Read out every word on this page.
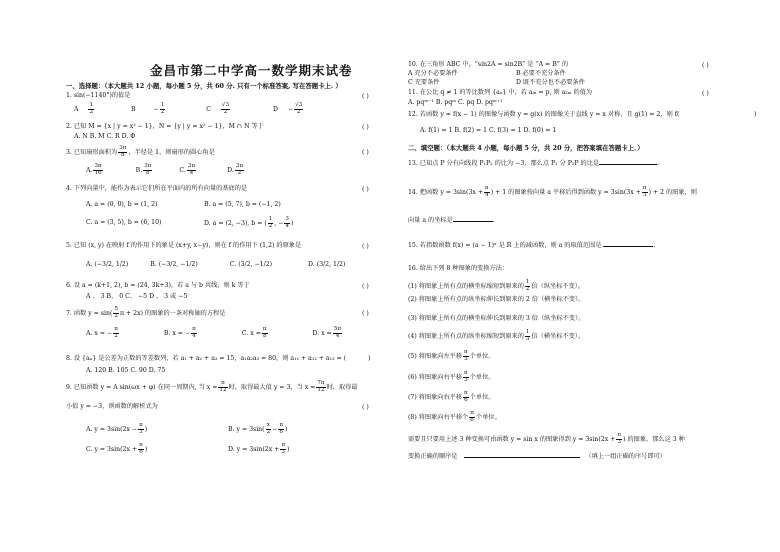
金昌市第二中学高一数学期末试卷
一、选择题：（本大题共 12 小题，每小题 5 分，共 60 分. 只有一个标准答案, 写在答题卡上. ）
1. sin(−1140°)的值是	( )
A $\frac{1}{2}$	B	− $\frac{1}{2}$	C $\frac{√3}{2}$	$D - \frac{√3}{2}$
2. 已知 M = {x | y = x² − 1}，N = {y | y = x² − 1}，M ∩ N 等于	( )
A. N B. M C. R D. Φ
3. 已知扇形面积为 $\frac{3\pi}{8}$ ，半径是 1，则扇形的圆心角是	( )
A. $\frac{3\pi}{16}$	B. $\frac{3\pi}{8}$	C. $\frac{3\pi}{4}$	D. $\frac{3\pi}{2}$
4. 下列向量中，能作为表示它们所在平面内的所有向量的基底的是	( )
A. a = (0, 0), b = (1, 2)	B. a = (5, 7), b = (−1, 2)
C. a = (3, 5), b = (6, 10)	D. a = (2, −3), b = ( $\frac{1}{2}$ , − $\frac{3}{4}$ )
5. 已知 (x, y) 在映射 f 的作用下的象是 (x+y, x−y)，则在 f 的作用下 (1,2) 的原象是	( )
A. (−3/2, 1/2)	B. (−3/2, −1/2)	C. (3/2, −1/2)	D. (3/2, 1/2)
6. 设 a = (k+1, 2), b = (24, 3k+3)，若 a 与 b 共线，则 k 等于	( )
A 、 3 B、 0 C、 −5 D 、 3 或 −5
7. 函数 $y = \sin( \frac{5}{2}$ π + 2x) 的图象的一条对称轴的方程是	( )
A. x = − $\frac{\pi}{2}$	B. x = − $\frac{\pi}{4}$	C. $x = \frac{\pi}{8}$	D. $x = \frac{5\pi}{4}$
8. 设 {aₙ} 是公差为正数的等差数列，若 a₁ + a₂ + a₃ = 15，a₁a₂a₃ = 80，则 a₁₁ + a₁₂ + a₁₃ = (	)
A. 120 B. 105 C. 90 D. 75
9. 已知函数 y = A sin(ωx + φ) 在同一周期内, 当 $x = \frac{\pi}{12}$ 时，取得最大值 y = 3，当 $x = \frac{7\pi}{12}$ 时，取得最
小值 y = −3，则函数的解析式为	( )
A. $y = 3\sin(2x - \frac{\pi}{3}$ )	B. $y = 3\sin( \frac{x}{2} - \frac{\pi}{6}$ )
C. $y = 3\sin(2x + \frac{\pi}{6}$ )	D. $y = 3\sin(2x + \frac{\pi}{3}$ )
10. 在三角形 ABC 中，“sin2A = sin2B” 是 “A = B” 的	( )
A 充分不必要条件	B 必要不充分条件
C 充要条件	D 既不充分也不必要条件
11. 在公比 q ≠ 1 的等比数列 {aₙ} 中，若 aₘ = p, 则 a₂ₘ 的值为	( )
A. pqᵐ⁻¹ B. pqᵐ C. pq D. pqᵐ⁺¹
12. 若函数 y = f(x − 1) 的图像与函数 y = g(x) 的图像关于直线 y = x 对称，且 g(1) = 2，则 f(	)
A. f(1) = 1 B. f(2) = 1 C. f(3) = 1 D. f(0) = 1
二、填空题：（本大题共 4 小题，每小题 5 分，共 20 分，把答案填在答题卡上．）
13. 已知点 P 分有向线段 P₁P₂ 的比为 −3，那么点 P₁ 分 P₂P 的比是	.
14. 把函数 $y = 3\sin(3x + \frac{\pi}{4}$ ) + 1 的图象按向量 a 平移后得到函数 $y = 3\sin(3x + \frac{\pi}{3}$ ) + 2 的图象，则
向量 a 的坐标是	.
15. 若指数函数 f(x) = (a − 1)ˣ 是 R 上的减函数，则 a 的取值范围是	.
16. 给出下列 8 种图象的变换方法：
(1) 将图象上所有点的横坐标缩短到原来的 $\frac{1}{2}$ 倍（纵坐标不变）。
(2) 将图象上所有点的纵坐标伸长到原来的 2 倍（横坐标不变）。
(3) 将图象上所有点的横坐标伸长到原来的 3 倍（纵坐标不变）。
(4) 将图象上所有点的纵坐标缩短到原来的 $\frac{1}{3}$ 倍（横坐标不变）。
(5) 将图象向左平移 $\frac{\pi}{3}$ 个单位。
(6) 将图象向右平移 $\frac{\pi}{3}$ 个单位。
(7) 将图象向右平移 $\frac{\pi}{6}$ 个单位。
(8) 将图象向右平移个 $\frac{\pi}{6}$ 个单位。
需要且只要用上述 3 种变换可由函数 y = sin x 的图象得到 $y = 3\sin(2x + \frac{\pi}{3}$ ) 的图象，那么这 3 种
变换正确的顺序是	（填上一组正确的序号即可）
